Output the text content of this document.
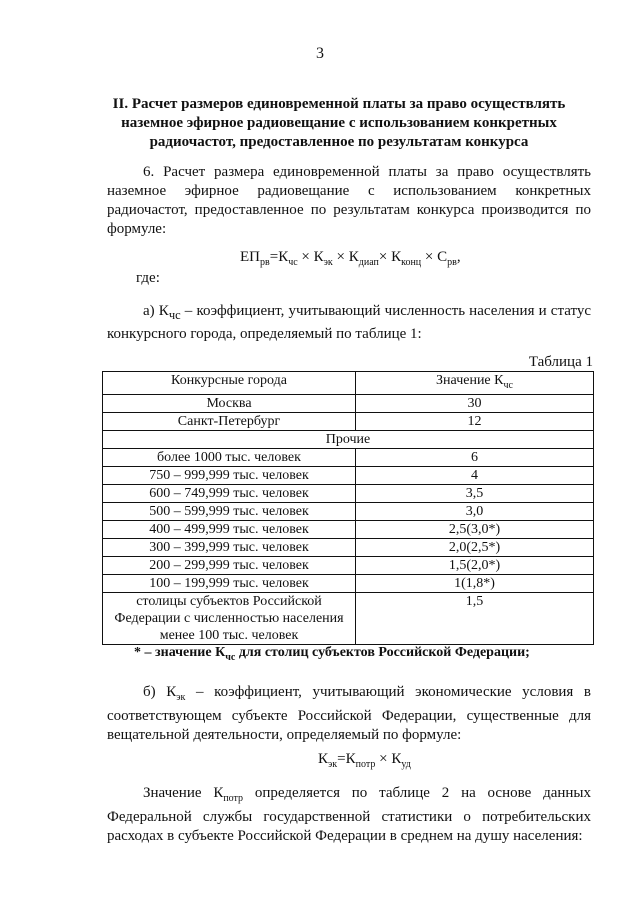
3
II. Расчет размеров единовременной платы за право осуществлять наземное эфирное радиовещание с использованием конкретных радиочастот, предоставленное по результатам конкурса
6. Расчет размера единовременной платы за право осуществлять наземное эфирное радиовещание с использованием конкретных радиочастот, предоставленное по результатам конкурса производится по формуле:
$ЕП_{рв}=К_{чс} \times К_{эк} \times К_{диап}\times К_{конц} \times С_{рв}$,
где:
а) $К_{чс}$ – коэффициент, учитывающий численность населения и статус конкурсного города, определяемый по таблице 1:
Таблица 1
Конкурсные города	Значение $К_{чс}$
Москва	30
Санкт-Петербург	12
Прочие	
более 1000 тыс. человек	6
750 – 999,999 тыс. человек	4
600 – 749,999 тыс. человек	3,5
500 – 599,999 тыс. человек	3,0
400 – 499,999 тыс. человек	2,5(3,0*)
300 – 399,999 тыс. человек	2,0(2,5*)
200 – 299,999 тыс. человек	1,5(2,0*)
100 – 199,999 тыс. человек	1(1,8*)
столицы субъектов Российской Федерации с численностью населения менее 100 тыс. человек	1,5
* – значение $К_{чс}$ для столиц субъектов Российской Федерации;
б) $К_{эк}$ – коэффициент, учитывающий экономические условия в соответствующем субъекте Российской Федерации, существенные для вещательной деятельности, определяемый по формуле:
$К_{эк}=К_{потр} \times К_{уд}$
Значение $К_{потр}$ определяется по таблице 2 на основе данных Федеральной службы государственной статистики о потребительских расходах в субъекте Российской Федерации в среднем на душу населения:
